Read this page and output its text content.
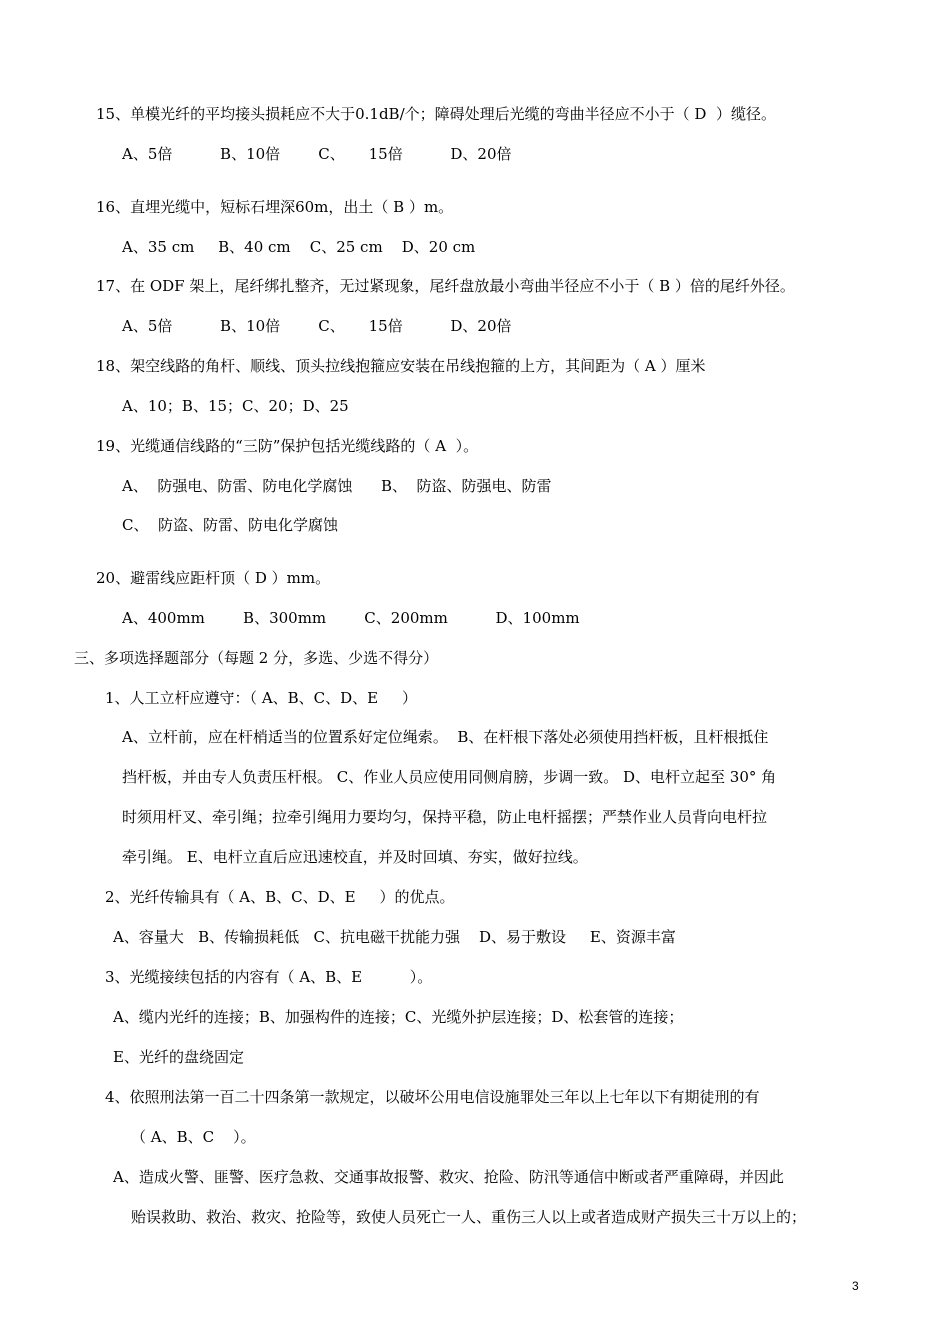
15、单模光纤的平均接头损耗应不大于0.1dB/个；障碍处理后光缆的弯曲半径应不小于（ D  ）缆径。
A、5倍          B、10倍        C、     15倍          D、20倍
16、直埋光缆中，短标石埋深60m，出土（ B ）m。
A、35 cm     B、40 cm    C、25 cm    D、20 cm
17、在 ODF 架上，尾纤绑扎整齐，无过紧现象，尾纤盘放最小弯曲半径应不小于（ B ）倍的尾纤外径。
A、5倍          B、10倍        C、     15倍          D、20倍
18、架空线路的角杆、顺线、顶头拉线抱箍应安装在吊线抱箍的上方，其间距为（ A ）厘米
A、10；B、15；C、20；D、25
19、光缆通信线路的“三防”保护包括光缆线路的（ A  ）。
A、  防强电、防雷、防电化学腐蚀      B、  防盗、防强电、防雷
C、  防盗、防雷、防电化学腐蚀
20、避雷线应距杆顶（ D ）mm。
A、400mm        B、300mm        C、200mm          D、100mm
三、多项选择题部分（每题 2 分，多选、少选不得分）
1、人工立杆应遵守：（ A、B、C、D、E     ）
A、立杆前，应在杆梢适当的位置系好定位绳索。  B、在杆根下落处必须使用挡杆板，且杆根抵住
挡杆板，并由专人负责压杆根。 C、作业人员应使用同侧肩膀，步调一致。 D、电杆立起至 30° 角
时须用杆叉、牵引绳；拉牵引绳用力要均匀，保持平稳，防止电杆摇摆；严禁作业人员背向电杆拉
牵引绳。 E、电杆立直后应迅速校直，并及时回填、夯实，做好拉线。
2、光纤传输具有（ A、B、C、D、E     ）的优点。
A、容量大   B、传输损耗低   C、抗电磁干扰能力强    D、易于敷设     E、资源丰富
3、光缆接续包括的内容有（ A、B、E          ）。
A、缆内光纤的连接；B、加强构件的连接；C、光缆外护层连接；D、松套管的连接；
E、光纤的盘绕固定
4、依照刑法第一百二十四条第一款规定，以破坏公用电信设施罪处三年以上七年以下有期徒刑的有
（ A、B、C    ）。
A、造成火警、匪警、医疗急救、交通事故报警、救灾、抢险、防汛等通信中断或者严重障碍，并因此
贻误救助、救治、救灾、抢险等，致使人员死亡一人、重伤三人以上或者造成财产损失三十万以上的；
3
